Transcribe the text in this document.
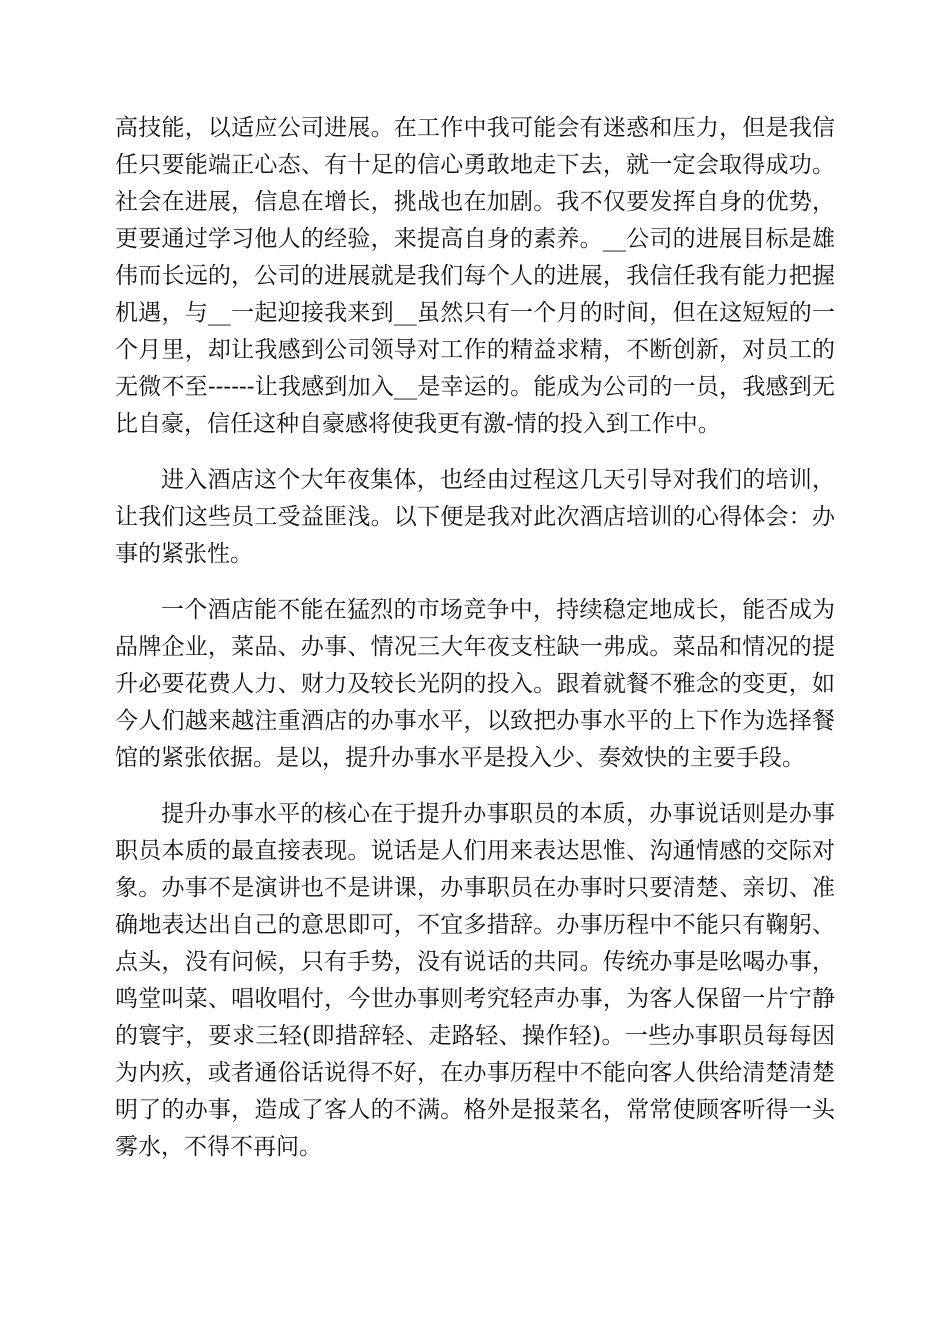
高技能，以适应公司进展。在工作中我可能会有迷惑和压力，但是我信任只要能端正心态、有十足的信心勇敢地走下去，就一定会取得成功。社会在进展，信息在增长，挑战也在加剧。我不仅要发挥自身的优势，更要通过学习他人的经验，来提高自身的素养。__公司的进展目标是雄伟而长远的，公司的进展就是我们每个人的进展，我信任我有能力把握机遇，与__一起迎接我来到__虽然只有一个月的时间，但在这短短的一个月里，却让我感到公司领导对工作的精益求精，不断创新，对员工的无微不至------让我感到加入__是幸运的。能成为公司的一员，我感到无比自豪，信任这种自豪感将使我更有激-情的投入到工作中。

进入酒店这个大年夜集体，也经由过程这几天引导对我们的培训，让我们这些员工受益匪浅。以下便是我对此次酒店培训的心得体会：办事的紧张性。

一个酒店能不能在猛烈的市场竞争中，持续稳定地成长，能否成为品牌企业，菜品、办事、情况三大年夜支柱缺一弗成。菜品和情况的提升必要花费人力、财力及较长光阴的投入。跟着就餐不雅念的变更，如今人们越来越注重酒店的办事水平，以致把办事水平的上下作为选择餐馆的紧张依据。是以，提升办事水平是投入少、奏效快的主要手段。

提升办事水平的核心在于提升办事职员的本质，办事说话则是办事职员本质的最直接表现。说话是人们用来表达思惟、沟通情感的交际对象。办事不是演讲也不是讲课，办事职员在办事时只要清楚、亲切、准确地表达出自己的意思即可，不宜多措辞。办事历程中不能只有鞠躬、点头，没有问候，只有手势，没有说话的共同。传统办事是吆喝办事，鸣堂叫菜、唱收唱付，今世办事则考究轻声办事，为客人保留一片宁静的寰宇，要求三轻(即措辞轻、走路轻、操作轻)。一些办事职员每每因为内疚，或者通俗话说得不好，在办事历程中不能向客人供给清楚清楚明了的办事，造成了客人的不满。格外是报菜名，常常使顾客听得一头雾水，不得不再问。
